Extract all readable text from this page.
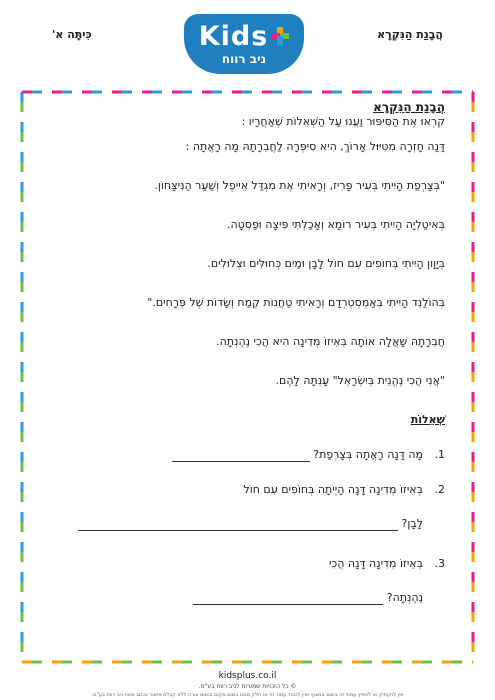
כִּיתָּה א'	הֲבָנַת הַנִּקְרָא
Kids
ניב רווח

הֲבָנַת הַנִּקְרָא

קִרְאוּ אֶת הַסִּיפּוּר וַעֲנוּ עַל הַשְּׁאֵלוֹת שֶׁאַחֲרָיו :

דָּנָה חָזְרָה מִטִּיּוּל אָרוֹךְ, הִיא סִיפְּרָה לַחֲבֵרָתָהּ מָה רָאֲתָה :

"בְּצָרְפַת הָיִיתִי בְּעִיר פָּרִיז, וְרָאִיתִי אֶת מִגְדַּל אֵייפֶל וְשַׁעַר הַנִּיצָּחוֹן.

בְּאִיטַלְיָה הָיִיתִי בְּעִיר רוֹמָא וְאָכַלְתִּי פִּיצָה וּפַסְטָה.

בְּיָוָון הָיִיתִי בְּחוֹפִים עִם חוֹל לָבָן וּמַיִם כְּחוּלִּים וּצְלוּלִים.

בְּהוֹלַנְד הָיִיתִי בְּאַמְסְטֶרְדָם וְרָאִיתִי טַחֲנוֹת קֶמַח וְשָׂדוֹת שֶׁל פְּרָחִים."

חֲבֵרָתָהּ שָׁאֲלָה אוֹתָהּ בְּאֵיזוֹ מְדִינָה הִיא הֲכִי נֶהֶנְתָה.

"אֲנִי הֲכִי נֶהֱנֵית בְּיִשְׂרָאֵל" עָנְתָה לָהֶם.

שְׁאֵלוֹת
1.
מָה דָּנָה רָאֲתָה בְּצָרְפַת?
2.
בְּאֵיזוֹ מְדִינָה דָּנָה הָיְיתָה בְּחוֹפִים עִם חוֹל
לָבָן?
3.
בְּאֵיזוֹ מְדִינָה דָּנָה הֲכִי
נֶהֶנְתָה?
kidsplus.co.il
© כל הזכויות שמורות לניב רווח בע"מ.
אין להעתיק או להפיץ עמוד זה בשום אמצעי ואין לכבוד עמוד זה או חלק ממנו בשום מקום ובשום צורה ללא קבלת אישור בכתב מאת ניב רווח בע"מ.
